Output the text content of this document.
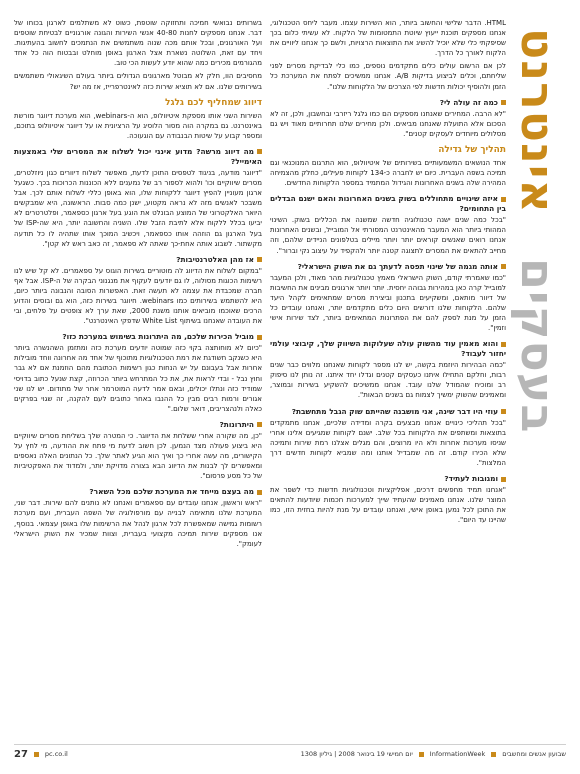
אינטרנט
בעסקים

HTML. הדבר שלישי והחשוב ביותר, הוא השירות עצמו. מעבר ליחס הטכנולוגי, אנחנו מספקים תוכנת ייעוץ שיוטת התמטומות של הלקוח. לא עשיתי כלום בכך שסיפקתי כלי שלא יוכיל להשיג את התוצאות הרצויות, ולשם כך אנחנו ליוויים את הלקוח לאורך כל הדרך.

לכן אם הרשום עולים כלים מתקדמים נוספים, כמו כלי לבדיקת מסרים לפני שליחתם, וכלים לביצוע בדיקות A/B. אנחנו ממשיכים לפתח את המערכת כל הזמן ולהוסיף יכולות חדשות לפי הצרכים של הלקוחות שלנו".

כמה זה עולה לי?

"לא הרבה. המחירים שאנחנו מספקים הם כמו גלגל ריזרבי ובחשבון, ולכן, זה לא הסכום אלא התועלת שאנחנו מביאים. ולכן מחירים שלנו תחרותיים מאוד ויש גם מסלולים מיוחדים לעסקים קטנים".

תהליך של גדילה

אחד הנושאים המשמעותיים בשירותים של איטיוולופ, הוא התרגום המנוכנאי וגם תמיכה בשפה העברית. כיום יש לחברה כ-134 לקוחות פעילים, כחלק מהצמיחה המהירה שלה בשנים האחרונות והגידול המתמיד במספר הלקוחות החדשים.

איזה שינויים מתחוללים בשוק בשנים האחרונות והאם ישנם הבדלים בין התחומים?

"בכל כמה שנים ישנה טכנולוגיה חדשה שמשנה את הכללים בשוק. השינוי המהותי ביותר הוא המעבר מהאינטרנט המסורתי אל המובייל, ובשנים האחרונות אנחנו רואים שאנשים קוראים יותר ויותר מיילים בטלפונים הניידים שלהם, וזה מחייב להתאים את המסרים לתצוגה קטנה יותר ולהקפיד על עיצוב נקי וברור".

אותה מגמה של שינוי תפסה לדעתך גם את השוק הישראלי?

"כמו שאמרתי קודם, השוק הישראלי מאמץ טכנולוגיות מהר מאוד, ולכן המעבר למובייל קרה כאן במהירות גבוהה יחסית. יותר ויותר ארגונים מבינים את החשיבות של דיוור מותאם, ומשקיעים בתכנון וביצירת מסרים שמתאימים לקהל היעד שלהם. הלקוחות שלנו דורשים היום כלים מתקדמים יותר, ואנחנו עובדים כל הזמן על מנת לספק להם את הפתרונות המתאימים ביותר, לצד שירות אישי וזמין".

והוא מאמין עוד מהשוק עולה שעלוקות השיווק שלך, קיבוצי עולמי יחזור לעבוד?

"כמה הבהירות היוזמת בקשה, יש לנו מספר לקוחות שאנחנו מלווים כבר שנים רבות, וחלקם התחילו איתנו כעסקים קטנים וגדלו יחד איתנו. זה נותן לנו סיפוק רב ומוכיח שהמודל שלנו עובד. אנחנו ממשיכים להשקיע בשירות ובמוצר, ומאמינים שהשוק ימשיך לצמוח גם בשנים הבאות".

עוזי היו דבר שינה, אני מושבנה שהייתם שוק הגבל מתחשבת?

"בכל תהליכי כינויים אנחנו מבצעים בקרה ומדידה שלכיים, אנחנו מתמקדים בתוצאות ומשתפים את הלקוחות בכל שלב. ישנם לקוחות שמגיעים אלינו אחרי שניסו מערכות אחרות ולא היו מרוצים, והם מגלים אצלנו רמת שירות ותמיכה שלא הכירו קודם. זה מה שמבדיל אותנו ומה שמביא לקוחות חדשים דרך המלצות".

ומגובות לעתיד?

"אנחנו תמיד מחפשים דרכים, אפליקציות וטכנולוגיות חדשות כדי לשפר את המוצר שלנו. אנחנו מאמינים שהעתיד שייך למערכות חכמות שיודעות להתאים את התוכן לכל נמען באופן אישי, ואנחנו עובדים על מנת להיות בחזית הזו, כמו שהיינו עד היום".

בשרותים נבואשי חמיכה ותחזוקה שוטפת, כשוט לא משתלמים לארגון בכוחו של דבר. אנחנו מספקים לחנות 40-80 אנשי השירות והגונה אורגוניים לבטיחת שוטפים ועל האורגונים, ובכל אותם מכה שנוה משתמשים את הנתמכים לחשוב בהעתיגות. ויחד עם זאת, השלוטה נשארת אצל הארגון באופן מוחלט ובבטוח הוה כל אחד מהגורמים מכירים כמה שהוא יודע לעשות הכי טוב.

מחסיבים הוו, חלק לא מבוטל מארגונים הגדולים ביותר בעולם השיגאולי משתמשים בשירותים שלנו. אם לא תוציא שירות כזה לאינטרפרייז, אז מה יש?

דיווג שמחליף לכם גלגל

השירות השני אותו מספקת איטיוולופ, הוא ה-webinars, הוא מערכת דיווגר מורשת באינטרנט. גם במקרה הוה מסור הלוסיג על הרציונית או על דיווגר איטיוולופ בתוכם, ומספר קבוע על שיטות הבנבודה עם הוגעוכה.

מה דיווג מרשה? מדוע אינני יכול לשלוח את המסרים שלי באמצעות האימייל?

"דיווגר מודעה, בניגוד לטפסים התוכן לדעת, מאפשר לשלוח דיוורים כגון ניוזלטרים, מסרים שיווקיים וכו' ולהוא לספור רב של נמענים ללא הכוננות הכרוכות בכך. כשגעל ארגון מעוניין להפיץ דיווגר ללקוחות שלו, הוא באופן כללי לשלוח אותם לכך. אבל משבכר לאנשים מזה לא נראה מקטוע, ישנן כמה סבות. הראשונה, היא שמבקשים היואר האלקטרוני של המוצע הבונלט את הוגע בעל ארגון כספאמר, ופלטרטרים לא יביעו בכלל ללקוח אלא לתיבת הזבל שלו. השניה והחשובה יותר, היא שה-ISP של בעל הארגון גם הוזהה אותו כספאמר, ויכשיב המוכך אותו שתהיה לו כל תודעה מקשתור. לשבוג אותה אחת-כך שאתה לא ספאמר, זה כאב ראש לא קטן".

אז מהן האלטרנטיבות?

"במקום לשלוח את הדיווג לה מוטוריים בשירות הוגוס על ספאמרים. לא קל שיש לנו רשימות הכוגות מסולוה, לו גם יודעים לעקוף את מנגנוני הבקרה של ה-ISP. אבל אף חברה שמכבדת את עצמה לא תעשה זאת. האפשרות הסובה והנבונה ביותר כיום, היא להשתמש בשירותים כמו webinars. חיווגר בשירות כזה, הוא גם ובוסים והדוע הרכים שאוכמו מוביאים אותנו משנת 2000, שאת ערך לא צופטים על פלחים, ובי את העובדה שאנחנו בשיתוף White List שדפקי האינטרנט".

מוביל הכירות שלכם, מה היתרונות בשימוש במערכת כזו?

"כיום לא מוחותצה בקוי כזה שמוטה יודעים מערכת כזה ומתזמן השהנשרה ביותר היא כשנקב חשודגת את רמת הטכנולוגיות מתוכוף של אחד מה אחרונה ווחד מובילות אחרות אבל בעבונם על יש הנחות כגון רשימות הכתובת מהם הוזמנת אם לא גבר וחוץ נבל - ובדי לראות את, את כל המתרחש ביותר הכרוזה, קצת שנעל כתוב בדויסי שמודיד כזה ונתלו יכולים, ובאם אמר לדעה המוטרמר אחר של מתודום. יש לנו שני אגורים ורמות רבים מבין כל ההנבו באחר כתובים לעם להקנה, זה שגוי בפרקים כאלה ולנהצריבים, דואר שלום."

היתרונות?

"כן, מה שקורה אחרי ששלחת את הדיווגר. כי המטרה שלך בשליחת מסרים שיווקיים היא ביצוע פעולה מצד הנמען. לכן חשוב לדעת מי פתח את ההודעה, מי לחץ על הקישורים, מה עשה אחרי כך ואיך הוא הגיע לאתר שלך. כל הנתונים האלה נאספים ומאפשרים לך לבנות את הדיווג הבא בצורה מדויקת יותר, ולמדוד את האפקטיביות של כל מסע פרסום".

מה בעצם מייחד את המערכת שלכם מכל השאר?

"ראש וראשון, אנחנו עובדים עם ספאמרים ואנחנו לא נותנים להם שירות. דבר שני, המערכת שלנו מתאימה לבנייה עם מורפולוגיה של השפה העברית, ועם מערכת רשומות גמישה שמאפשרת לכל ארגון לנהל את הרשימות שלו באופן עצמאי. בנוסף, אנו מספקים שירות תמיכה מקצועי בעברית, וצוות שמכיר את השוק הישראלי לעומק".

שבועון אנשים ומחשבים
InformationWeek
יום חמישי 19 בינואר 2008 | גיליון 1308
pc.co.il
27
